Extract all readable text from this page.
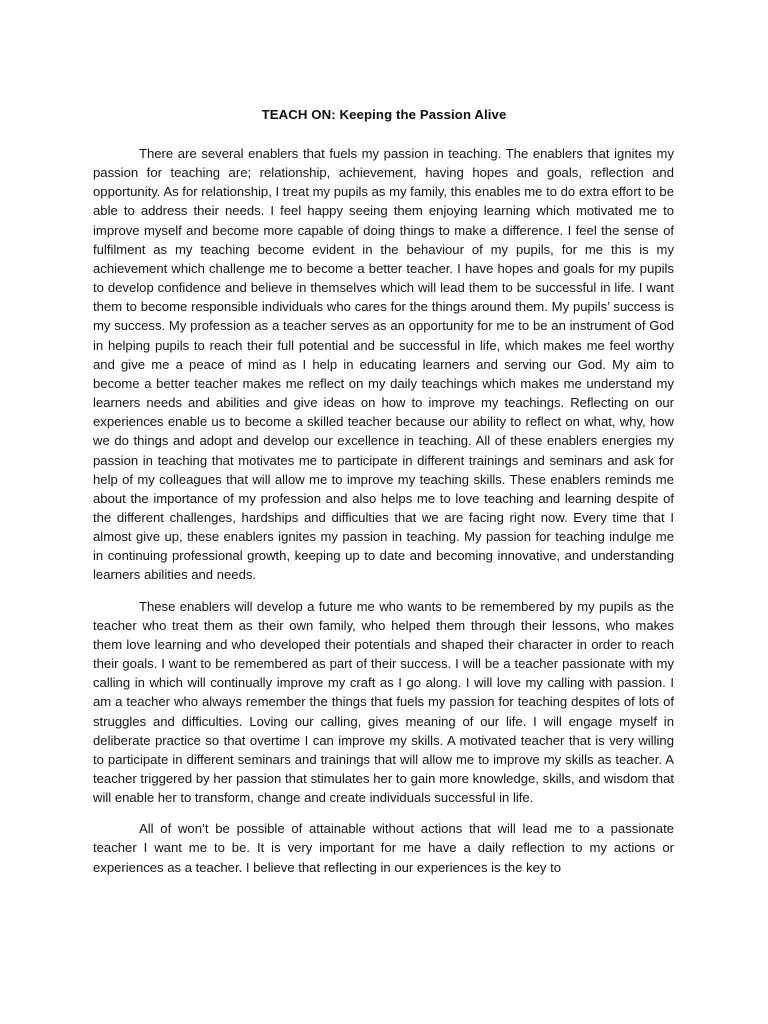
TEACH ON: Keeping the Passion Alive

There are several enablers that fuels my passion in teaching. The enablers that ignites my passion for teaching are; relationship, achievement, having hopes and goals, reflection and opportunity. As for relationship, I treat my pupils as my family, this enables me to do extra effort to be able to address their needs. I feel happy seeing them enjoying learning which motivated me to improve myself and become more capable of doing things to make a difference. I feel the sense of fulfilment as my teaching become evident in the behaviour of my pupils, for me this is my achievement which challenge me to become a better teacher. I have hopes and goals for my pupils to develop confidence and believe in themselves which will lead them to be successful in life. I want them to become responsible individuals who cares for the things around them. My pupils’ success is my success. My profession as a teacher serves as an opportunity for me to be an instrument of God in helping pupils to reach their full potential and be successful in life, which makes me feel worthy and give me a peace of mind as I help in educating learners and serving our God. My aim to become a better teacher makes me reflect on my daily teachings which makes me understand my learners needs and abilities and give ideas on how to improve my teachings. Reflecting on our experiences enable us to become a skilled teacher because our ability to reflect on what, why, how we do things and adopt and develop our excellence in teaching. All of these enablers energies my passion in teaching that motivates me to participate in different trainings and seminars and ask for help of my colleagues that will allow me to improve my teaching skills. These enablers reminds me about the importance of my profession and also helps me to love teaching and learning despite of the different challenges, hardships and difficulties that we are facing right now. Every time that I almost give up, these enablers ignites my passion in teaching. My passion for teaching indulge me in continuing professional growth, keeping up to date and becoming innovative, and understanding learners abilities and needs.

These enablers will develop a future me who wants to be remembered by my pupils as the teacher who treat them as their own family, who helped them through their lessons, who makes them love learning and who developed their potentials and shaped their character in order to reach their goals. I want to be remembered as part of their success. I will be a teacher passionate with my calling in which will continually improve my craft as I go along. I will love my calling with passion. I am a teacher who always remember the things that fuels my passion for teaching despites of lots of struggles and difficulties. Loving our calling, gives meaning of our life. I will engage myself in deliberate practice so that overtime I can improve my skills. A motivated teacher that is very willing to participate in different seminars and trainings that will allow me to improve my skills as teacher. A teacher triggered by her passion that stimulates her to gain more knowledge, skills, and wisdom that will enable her to transform, change and create individuals successful in life.

All of won’t be possible of attainable without actions that will lead me to a passionate teacher I want me to be. It is very important for me have a daily reflection to my actions or experiences as a teacher. I believe that reflecting in our experiences is the key to
